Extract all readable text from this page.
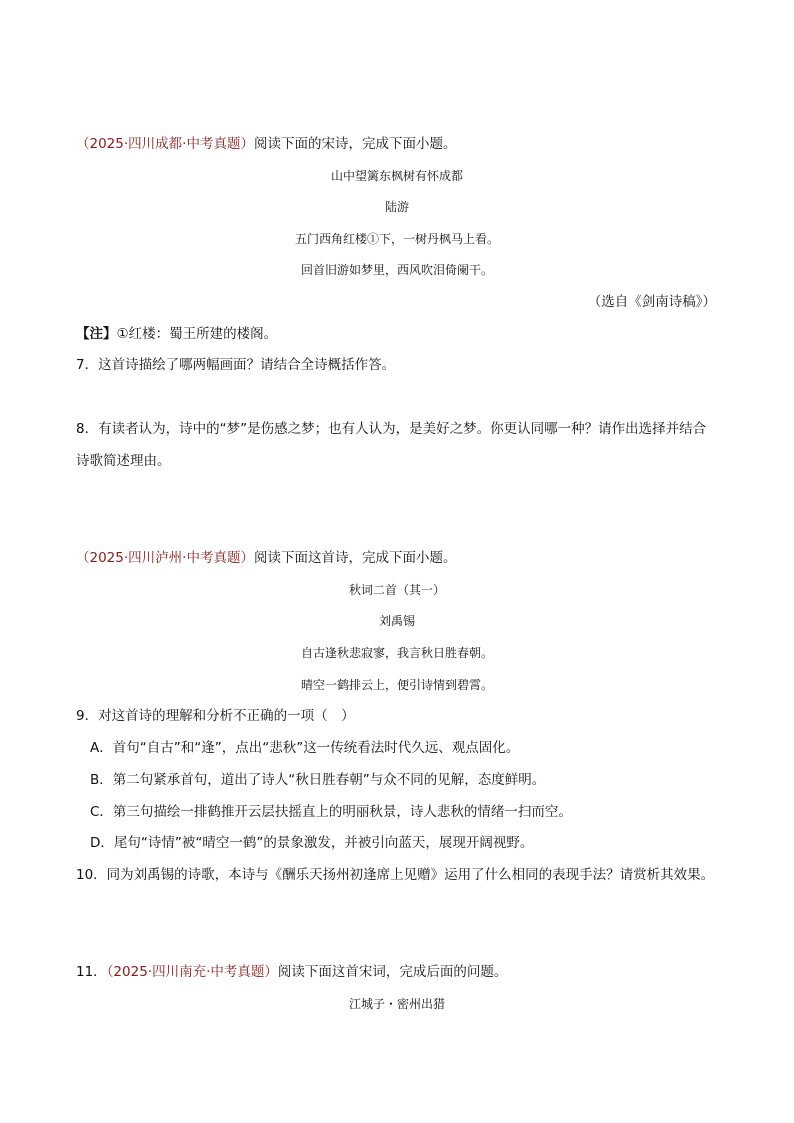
（2025·四川成都·中考真题）阅读下面的宋诗，完成下面小题。
山中望篱东枫树有怀成都
陆游
五门西角红楼①下，一树丹枫马上看。
回首旧游如梦里，西风吹泪倚阑干。
（选自《剑南诗稿》）
【注】①红楼：蜀王所建的楼阁。
7．这首诗描绘了哪两幅画面？请结合全诗概括作答。
8．有读者认为，诗中的“梦”是伤感之梦；也有人认为，是美好之梦。你更认同哪一种？请作出选择并结合
诗歌简述理由。
（2025·四川泸州·中考真题）阅读下面这首诗，完成下面小题。
秋词二首（其一）
刘禹锡
自古逢秋悲寂寥，我言秋日胜春朝。
晴空一鹤排云上，便引诗情到碧霄。
9．对这首诗的理解和分析不正确的一项（　）
A．首句“自古”和“逢”，点出“悲秋”这一传统看法时代久远、观点固化。
B．第二句紧承首句，道出了诗人“秋日胜春朝”与众不同的见解，态度鲜明。
C．第三句描绘一排鹤推开云层扶摇直上的明丽秋景，诗人悲秋的情绪一扫而空。
D．尾句“诗情”被“晴空一鹤”的景象激发，并被引向蓝天，展现开阔视野。
10．同为刘禹锡的诗歌，本诗与《酬乐天扬州初逢席上见赠》运用了什么相同的表现手法？请赏析其效果。
11．（2025·四川南充·中考真题）阅读下面这首宋词，完成后面的问题。
江城子・密州出猎
